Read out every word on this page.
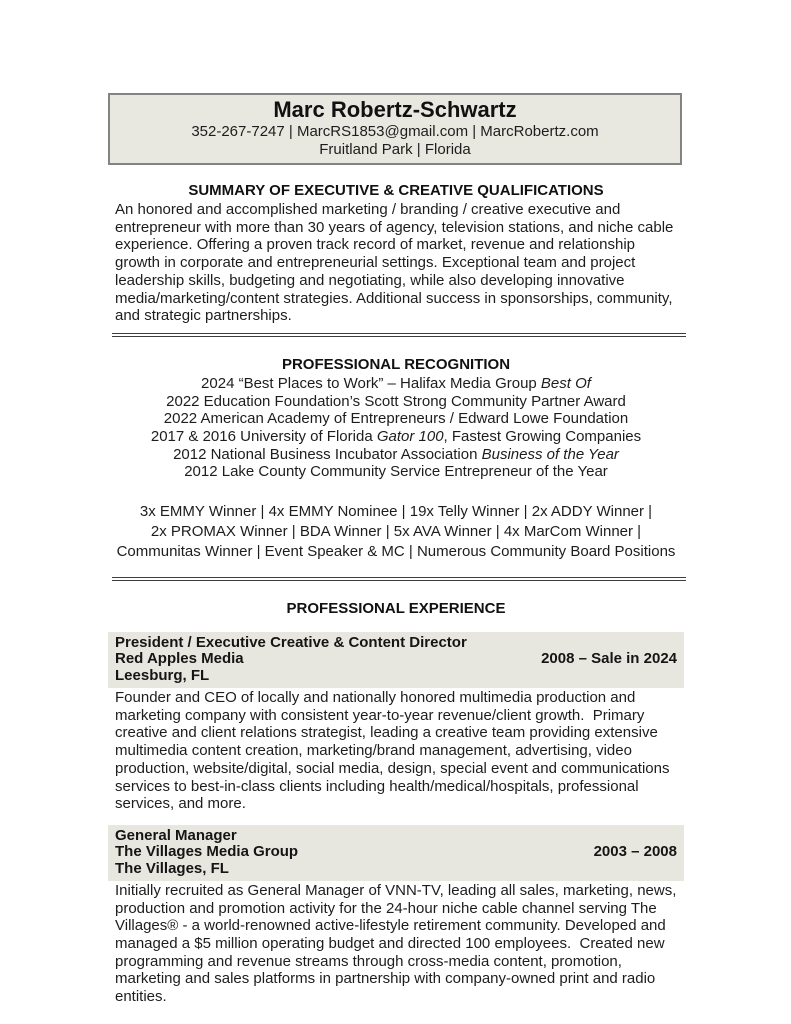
Marc Robertz-Schwartz
352-267-7247 | MarcRS1853@gmail.com | MarcRobertz.com
Fruitland Park | Florida
SUMMARY OF EXECUTIVE & CREATIVE QUALIFICATIONS

An honored and accomplished marketing / branding / creative executive and entrepreneur with more than 30 years of agency, television stations, and niche cable experience. Offering a proven track record of market, revenue and relationship growth in corporate and entrepreneurial settings. Exceptional team and project leadership skills, budgeting and negotiating, while also developing innovative media/marketing/content strategies. Additional success in sponsorships, community, and strategic partnerships.

PROFESSIONAL RECOGNITION
2024 “Best Places to Work” – Halifax Media Group Best Of
2022 Education Foundation’s Scott Strong Community Partner Award
2022 American Academy of Entrepreneurs / Edward Lowe Foundation
2017 & 2016 University of Florida Gator 100, Fastest Growing Companies
2012 National Business Incubator Association Business of the Year
2012 Lake County Community Service Entrepreneur of the Year
3x EMMY Winner | 4x EMMY Nominee | 19x Telly Winner | 2x ADDY Winner |
2x PROMAX Winner | BDA Winner | 5x AVA Winner | 4x MarCom Winner |
Communitas Winner | Event Speaker & MC | Numerous Community Board Positions
PROFESSIONAL EXPERIENCE
President / Executive Creative & Content Director
Red Apples Media	2008 – Sale in 2024
Leesburg, FL

Founder and CEO of locally and nationally honored multimedia production and marketing company with consistent year-to-year revenue/client growth.  Primary creative and client relations strategist, leading a creative team providing extensive multimedia content creation, marketing/brand management, advertising, video production, website/digital, social media, design, special event and communications services to best-in-class clients including health/medical/hospitals, professional services, and more.

General Manager
The Villages Media Group	2003 – 2008
The Villages, FL

Initially recruited as General Manager of VNN-TV, leading all sales, marketing, news, production and promotion activity for the 24-hour niche cable channel serving The Villages® - a world-renowned active-lifestyle retirement community. Developed and managed a $5 million operating budget and directed 100 employees.  Created new programming and revenue streams through cross-media content, promotion, marketing and sales platforms in partnership with company-owned print and radio entities.
